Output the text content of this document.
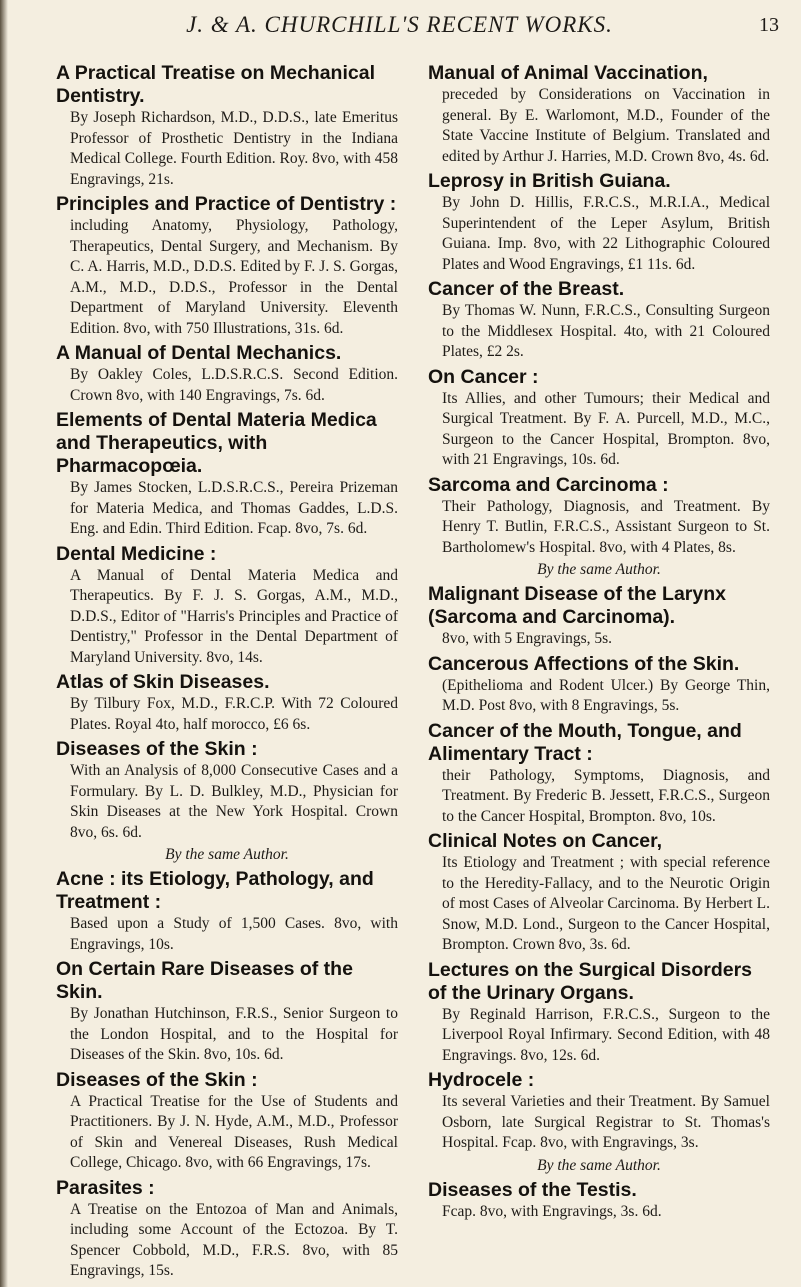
J. & A. CHURCHILL'S RECENT WORKS.	13
A Practical Treatise on Mechanical Dentistry.
By Joseph Richardson, M.D., D.D.S., late Emeritus Professor of Prosthetic Dentistry in the Indiana Medical College. Fourth Edition. Roy. 8vo, with 458 Engravings, 21s.
Principles and Practice of Dentistry :
including Anatomy, Physiology, Pathology, Therapeutics, Dental Surgery, and Mechanism. By C. A. Harris, M.D., D.D.S. Edited by F. J. S. Gorgas, A.M., M.D., D.D.S., Professor in the Dental Department of Maryland University. Eleventh Edition. 8vo, with 750 Illustrations, 31s. 6d.
A Manual of Dental Mechanics.
By Oakley Coles, L.D.S.R.C.S. Second Edition. Crown 8vo, with 140 Engravings, 7s. 6d.
Elements of Dental Materia Medica and Therapeutics, with Pharmacopœia.
By James Stocken, L.D.S.R.C.S., Pereira Prizeman for Materia Medica, and Thomas Gaddes, L.D.S. Eng. and Edin. Third Edition. Fcap. 8vo, 7s. 6d.
Dental Medicine :
A Manual of Dental Materia Medica and Therapeutics. By F. J. S. Gorgas, A.M., M.D., D.D.S., Editor of "Harris's Principles and Practice of Dentistry," Professor in the Dental Department of Maryland University. 8vo, 14s.
Atlas of Skin Diseases.
By Tilbury Fox, M.D., F.R.C.P. With 72 Coloured Plates. Royal 4to, half morocco, £6 6s.
Diseases of the Skin :
With an Analysis of 8,000 Consecutive Cases and a Formulary. By L. D. Bulkley, M.D., Physician for Skin Diseases at the New York Hospital. Crown 8vo, 6s. 6d.
By the same Author.
Acne : its Etiology, Pathology, and Treatment :
Based upon a Study of 1,500 Cases. 8vo, with Engravings, 10s.
On Certain Rare Diseases of the Skin.
By Jonathan Hutchinson, F.R.S., Senior Surgeon to the London Hospital, and to the Hospital for Diseases of the Skin. 8vo, 10s. 6d.
Diseases of the Skin :
A Practical Treatise for the Use of Students and Practitioners. By J. N. Hyde, A.M., M.D., Professor of Skin and Venereal Diseases, Rush Medical College, Chicago. 8vo, with 66 Engravings, 17s.
Parasites :
A Treatise on the Entozoa of Man and Animals, including some Account of the Ectozoa. By T. Spencer Cobbold, M.D., F.R.S. 8vo, with 85 Engravings, 15s.
Manual of Animal Vaccination,
preceded by Considerations on Vaccination in general. By E. Warlomont, M.D., Founder of the State Vaccine Institute of Belgium. Translated and edited by Arthur J. Harries, M.D. Crown 8vo, 4s. 6d.
Leprosy in British Guiana.
By John D. Hillis, F.R.C.S., M.R.I.A., Medical Superintendent of the Leper Asylum, British Guiana. Imp. 8vo, with 22 Lithographic Coloured Plates and Wood Engravings, £1 11s. 6d.
Cancer of the Breast.
By Thomas W. Nunn, F.R.C.S., Consulting Surgeon to the Middlesex Hospital. 4to, with 21 Coloured Plates, £2 2s.
On Cancer :
Its Allies, and other Tumours; their Medical and Surgical Treatment. By F. A. Purcell, M.D., M.C., Surgeon to the Cancer Hospital, Brompton. 8vo, with 21 Engravings, 10s. 6d.
Sarcoma and Carcinoma :
Their Pathology, Diagnosis, and Treatment. By Henry T. Butlin, F.R.C.S., Assistant Surgeon to St. Bartholomew's Hospital. 8vo, with 4 Plates, 8s.
By the same Author.
Malignant Disease of the Larynx (Sarcoma and Carcinoma).
8vo, with 5 Engravings, 5s.
Cancerous Affections of the Skin.
(Epithelioma and Rodent Ulcer.) By George Thin, M.D. Post 8vo, with 8 Engravings, 5s.
Cancer of the Mouth, Tongue, and Alimentary Tract :
their Pathology, Symptoms, Diagnosis, and Treatment. By Frederic B. Jessett, F.R.C.S., Surgeon to the Cancer Hospital, Brompton. 8vo, 10s.
Clinical Notes on Cancer,
Its Etiology and Treatment ; with special reference to the Heredity-Fallacy, and to the Neurotic Origin of most Cases of Alveolar Carcinoma. By Herbert L. Snow, M.D. Lond., Surgeon to the Cancer Hospital, Brompton. Crown 8vo, 3s. 6d.
Lectures on the Surgical Disorders of the Urinary Organs.
By Reginald Harrison, F.R.C.S., Surgeon to the Liverpool Royal Infirmary. Second Edition, with 48 Engravings. 8vo, 12s. 6d.
Hydrocele :
Its several Varieties and their Treatment. By Samuel Osborn, late Surgical Registrar to St. Thomas's Hospital. Fcap. 8vo, with Engravings, 3s.
By the same Author.
Diseases of the Testis.
Fcap. 8vo, with Engravings, 3s. 6d.
